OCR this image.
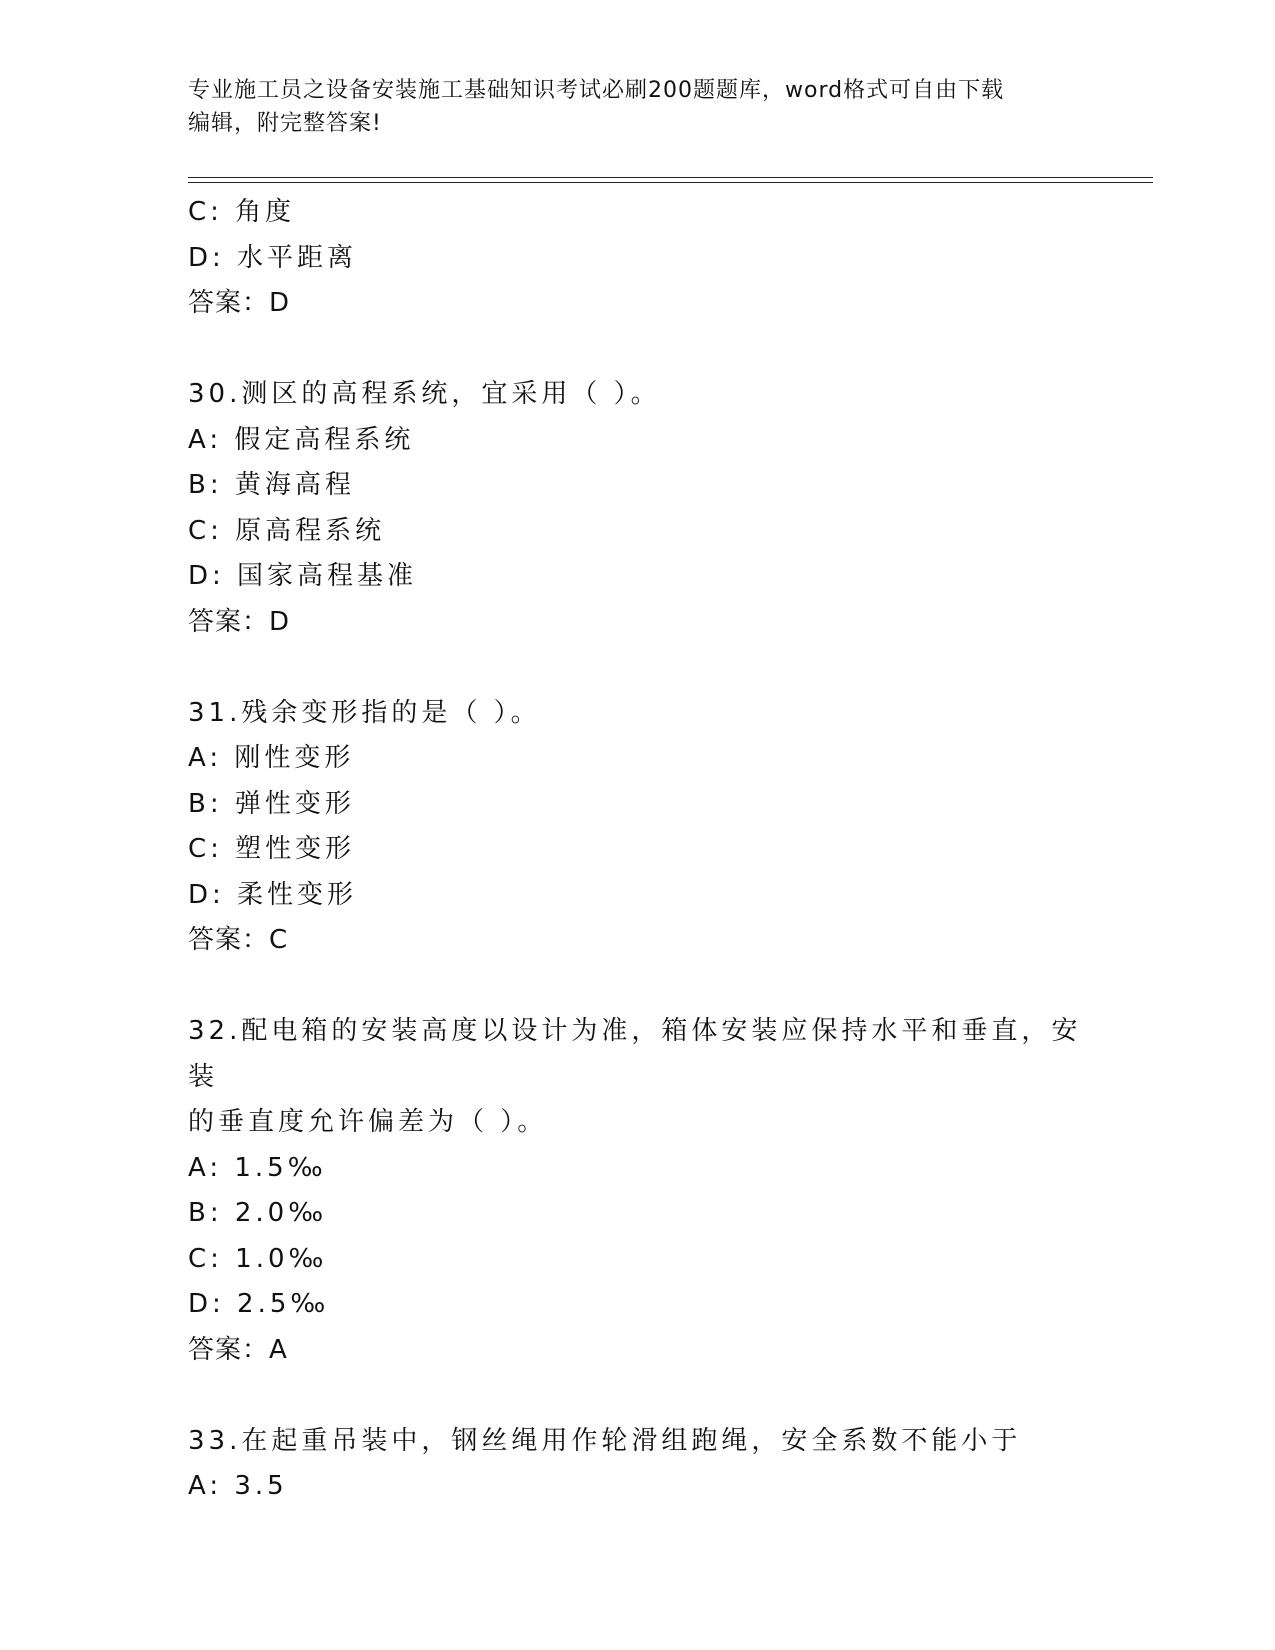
专业施工员之设备安装施工基础知识考试必刷200题题库，word格式可自由下载
编辑，附完整答案!
C: 角度
D: 水平距离
答案：D
30.测区的高程系统，宜采用（ ）。
A: 假定高程系统
B: 黄海高程
C: 原高程系统
D: 国家高程基准
答案：D
31.残余变形指的是（ ）。
A: 刚性变形
B: 弹性变形
C: 塑性变形
D: 柔性变形
答案：C
32.配电箱的安装高度以设计为准，箱体安装应保持水平和垂直，安装
的垂直度允许偏差为（ ）。
A: 1.5‰
B: 2.0‰
C: 1.0‰
D: 2.5‰
答案：A
33.在起重吊装中，钢丝绳用作轮滑组跑绳，安全系数不能小于
A: 3.5
